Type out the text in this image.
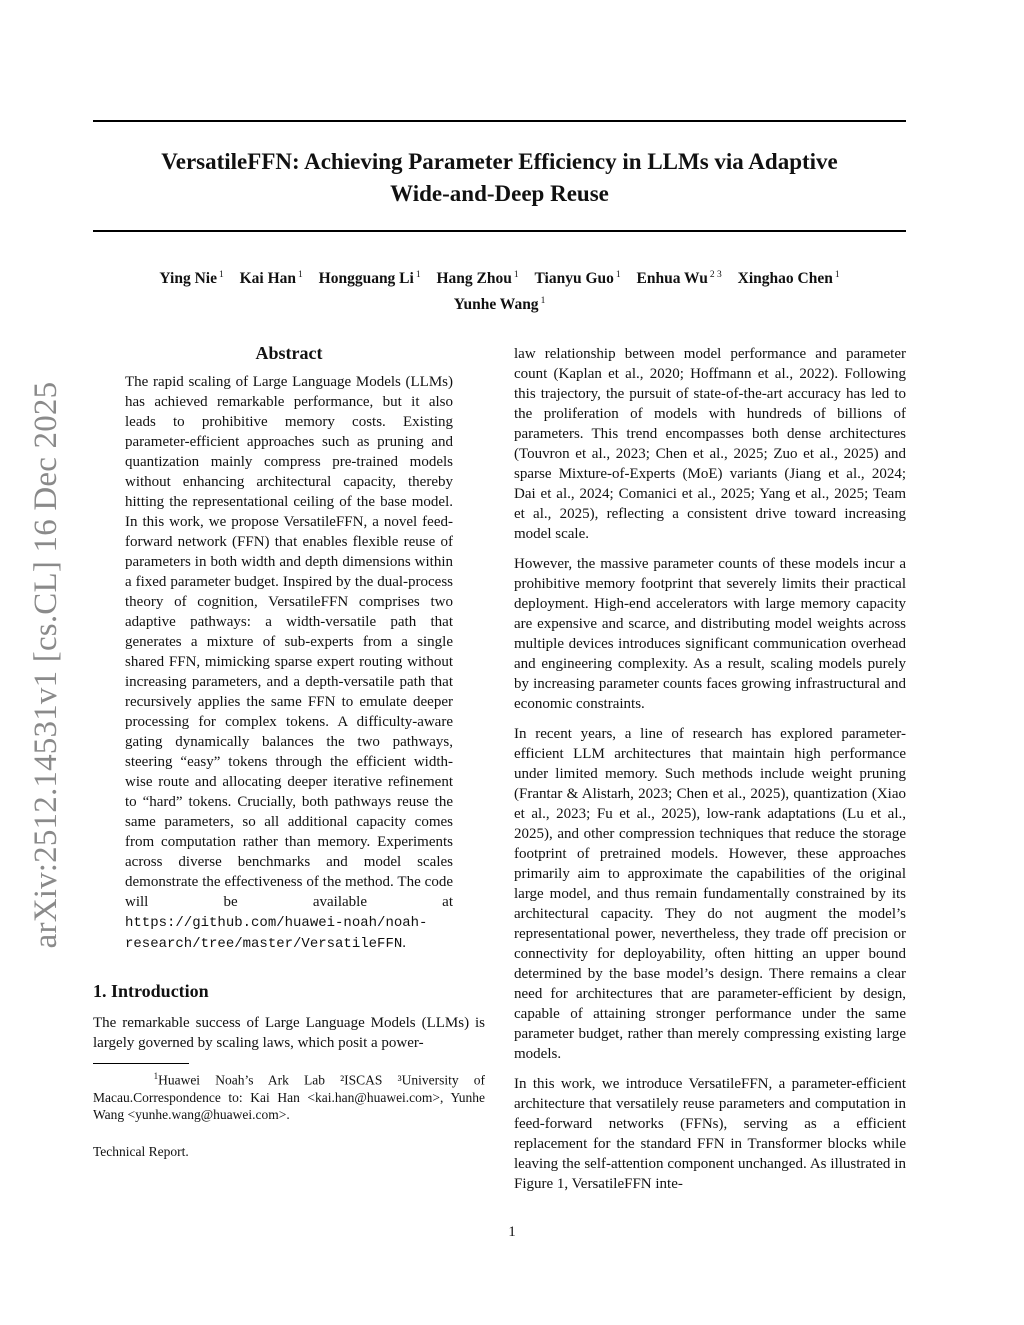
VersatileFFN: Achieving Parameter Efficiency in LLMs via Adaptive
Wide-and-Deep Reuse
Ying Nie $^1$ Kai Han $^1$ Hongguang Li $^1$ Hang Zhou $^1$ Tianyu Guo $^1$ Enhua Wu $^{2 3}$ Xinghao Chen $^1$
Yunhe Wang $^1$
arXiv:2512.14531v1 [cs.CL] 16 Dec 2025
Abstract
The rapid scaling of Large Language Models (LLMs) has achieved remarkable performance, but it also leads to prohibitive memory costs. Existing parameter-efficient approaches such as pruning and quantization mainly compress pre-trained models without enhancing architectural capacity, thereby hitting the representational ceiling of the base model. In this work, we propose VersatileFFN, a novel feed-forward network (FFN) that enables flexible reuse of parameters in both width and depth dimensions within a fixed parameter budget. Inspired by the dual-process theory of cognition, VersatileFFN comprises two adaptive pathways: a width-versatile path that generates a mixture of sub-experts from a single shared FFN, mimicking sparse expert routing without increasing parameters, and a depth-versatile path that recursively applies the same FFN to emulate deeper processing for complex tokens. A difficulty-aware gating dynamically balances the two pathways, steering “easy” tokens through the efficient width-wise route and allocating deeper iterative refinement to “hard” tokens. Crucially, both pathways reuse the same parameters, so all additional capacity comes from computation rather than memory. Experiments across diverse benchmarks and model scales demonstrate the effectiveness of the method. The code will be available at https://github.com/huawei-noah/noah-research/tree/master/VersatileFFN.
1. Introduction
The remarkable success of Large Language Models (LLMs) is largely governed by scaling laws, which posit a power-
$^1$Huawei Noah’s Ark Lab ²ISCAS ³University of Macau.Correspondence to: Kai Han <kai.han@huawei.com>, Yunhe Wang <yunhe.wang@huawei.com>.
Technical Report.
law relationship between model performance and parameter count (Kaplan et al., 2020; Hoffmann et al., 2022). Following this trajectory, the pursuit of state-of-the-art accuracy has led to the proliferation of models with hundreds of billions of parameters. This trend encompasses both dense architectures (Touvron et al., 2023; Chen et al., 2025; Zuo et al., 2025) and sparse Mixture-of-Experts (MoE) variants (Jiang et al., 2024; Dai et al., 2024; Comanici et al., 2025; Yang et al., 2025; Team et al., 2025), reflecting a consistent drive toward increasing model scale.
However, the massive parameter counts of these models incur a prohibitive memory footprint that severely limits their practical deployment. High-end accelerators with large memory capacity are expensive and scarce, and distributing model weights across multiple devices introduces significant communication overhead and engineering complexity. As a result, scaling models purely by increasing parameter counts faces growing infrastructural and economic constraints.
In recent years, a line of research has explored parameter-efficient LLM architectures that maintain high performance under limited memory. Such methods include weight pruning (Frantar & Alistarh, 2023; Chen et al., 2025), quantization (Xiao et al., 2023; Fu et al., 2025), low-rank adaptations (Lu et al., 2025), and other compression techniques that reduce the storage footprint of pretrained models. However, these approaches primarily aim to approximate the capabilities of the original large model, and thus remain fundamentally constrained by its architectural capacity. They do not augment the model’s representational power, nevertheless, they trade off precision or connectivity for deployability, often hitting an upper bound determined by the base model’s design. There remains a clear need for architectures that are parameter-efficient by design, capable of attaining stronger performance under the same parameter budget, rather than merely compressing existing large models.
In this work, we introduce VersatileFFN, a parameter-efficient architecture that versatilely reuse parameters and computation in feed-forward networks (FFNs), serving as a efficient replacement for the standard FFN in Transformer blocks while leaving the self-attention component unchanged. As illustrated in Figure 1, VersatileFFN inte-
1
